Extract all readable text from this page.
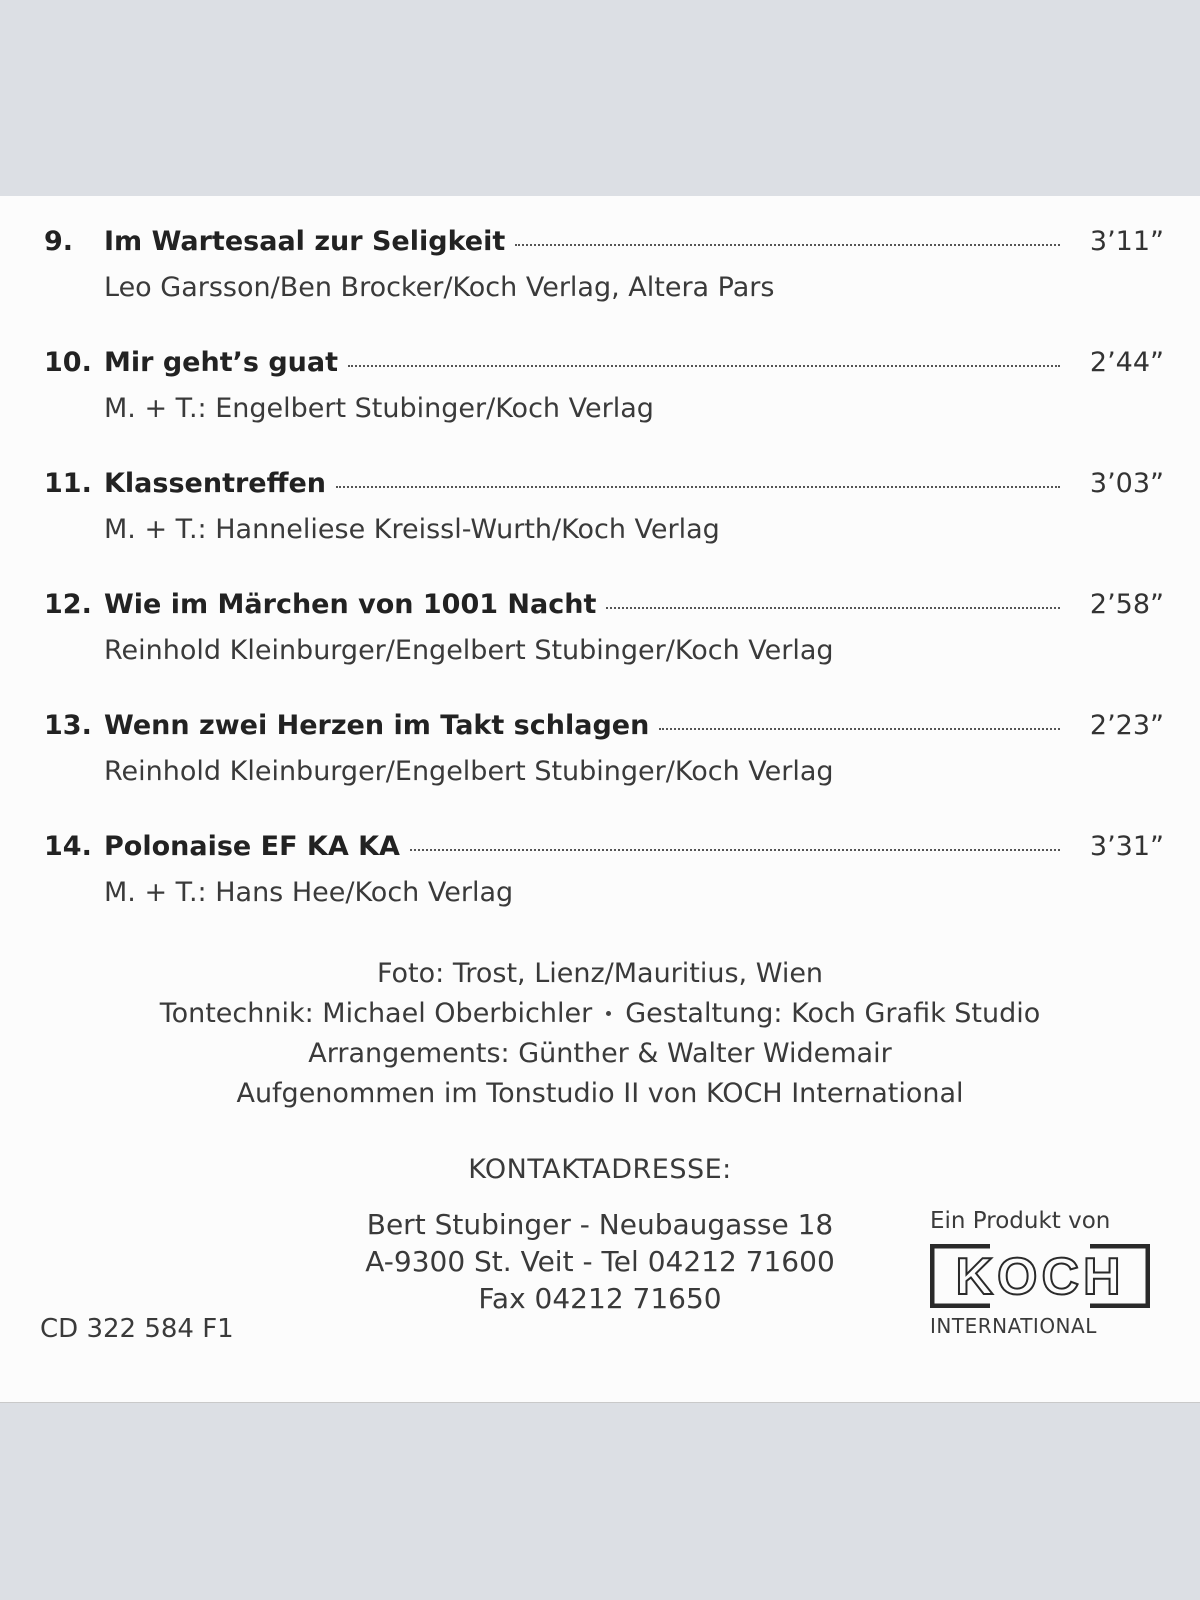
9.	Im Wartesaal zur Seligkeit	3’11”
Leo Garsson/Ben Brocker/Koch Verlag, Altera Pars
10. Mir geht’s guat	2’44”
M. + T.: Engelbert Stubinger/Koch Verlag
11. Klassentreffen	3’03”
M. + T.: Hanneliese Kreissl-Wurth/Koch Verlag
12. Wie im Märchen von 1001 Nacht	2’58”
Reinhold Kleinburger/Engelbert Stubinger/Koch Verlag
13. Wenn zwei Herzen im Takt schlagen	2’23”
Reinhold Kleinburger/Engelbert Stubinger/Koch Verlag
14. Polonaise EF KA KA	3’31”
M. + T.: Hans Hee/Koch Verlag
Foto: Trost, Lienz/Mauritius, Wien
Tontechnik: Michael Oberbichler Gestaltung: Koch Grafik Studio
Arrangements: Günther & Walter Widemair
Aufgenommen im Tonstudio II von KOCH International
KONTAKTADRESSE:
Bert Stubinger - Neubaugasse 18
A-9300 St. Veit - Tel 04212 71600
Fax 04212 71650
CD 322 584 F1
Ein Produkt von
KOCH
INTERNATIONAL
